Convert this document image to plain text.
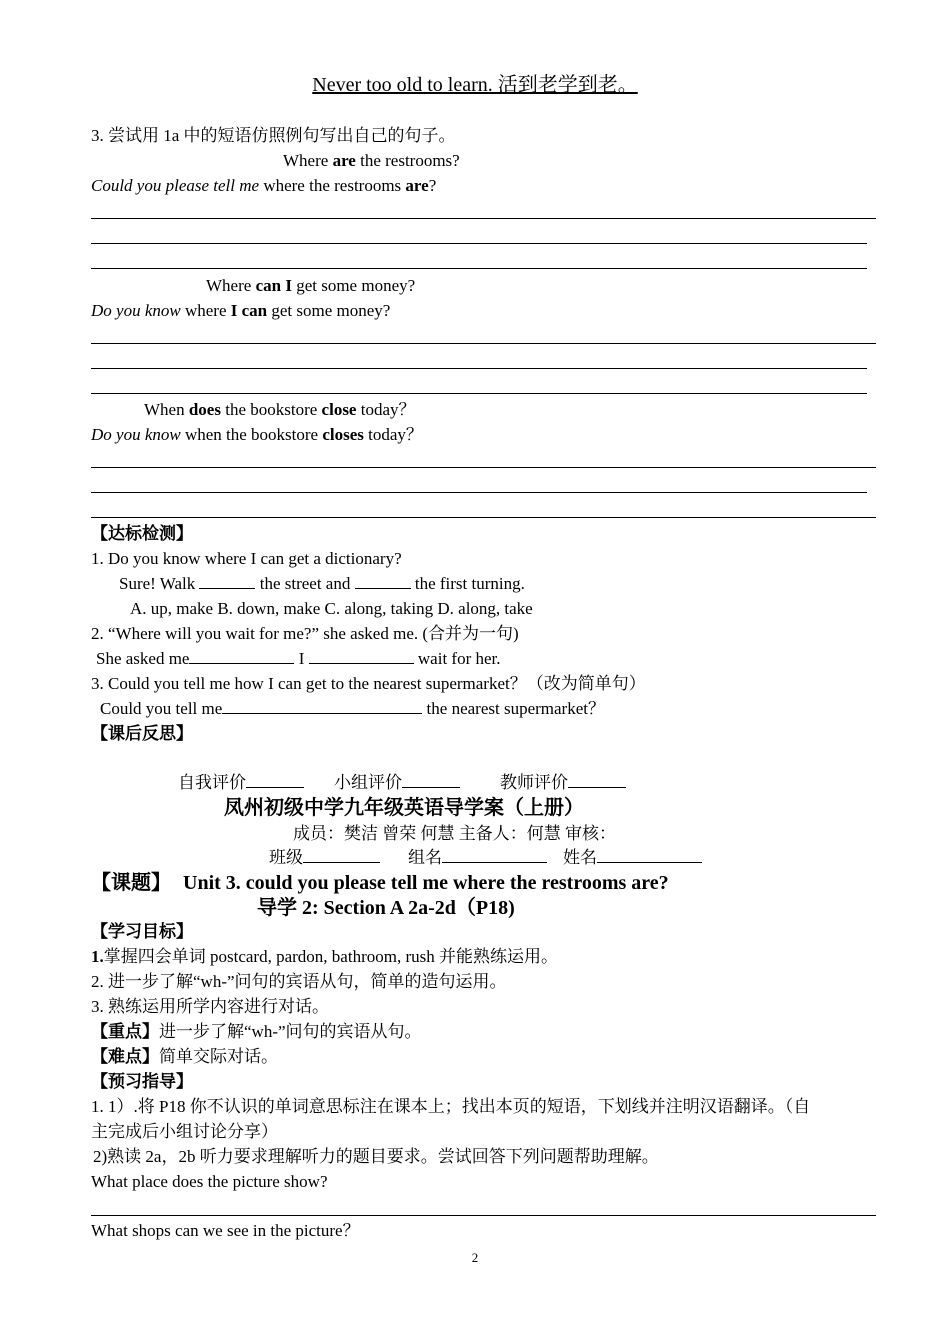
Never too old to learn. 活到老学到老。
3. 尝试用 1a 中的短语仿照例句写出自己的句子。
Where are the restrooms?
Could you please tell me where the restrooms are?
Where can I get some money?
Do you know where I can get some money?
When does the bookstore close today？
Do you know when the bookstore closes today？
【达标检测】
1. Do you know where I can get a dictionary?
Sure! Walk	the street and	the first turning.
A. up, make B. down, make C. along, taking D. along, take
2. “Where will you wait for me?” she asked me. (合并为一句)
She asked me	I	wait for her.
3. Could you tell me how I can get to the nearest supermarket？（改为简单句）
Could you tell me	the nearest supermarket？
【课后反思】
自我评价	小组评价	教师评价
凤州初级中学九年级英语导学案（上册）
成员：樊洁 曾荣 何慧 主备人：何慧 审核：
班级	组名	姓名
【课题】 Unit 3. could you please tell me where the restrooms are?
导学 2: Section A 2a-2d（P18)
【学习目标】
1.掌握四会单词 postcard, pardon, bathroom, rush 并能熟练运用。
2. 进一步了解“wh-”问句的宾语从句，简单的造句运用。
3. 熟练运用所学内容进行对话。
【重点】进一步了解“wh-”问句的宾语从句。
【难点】简单交际对话。
【预习指导】
1. 1）.将 P18 你不认识的单词意思标注在课本上；找出本页的短语，下划线并注明汉语翻译。（自
主完成后小组讨论分享）
2)熟读 2a，2b 听力要求理解听力的题目要求。尝试回答下列问题帮助理解。
What place does the picture show?
What shops can we see in the picture？
2
